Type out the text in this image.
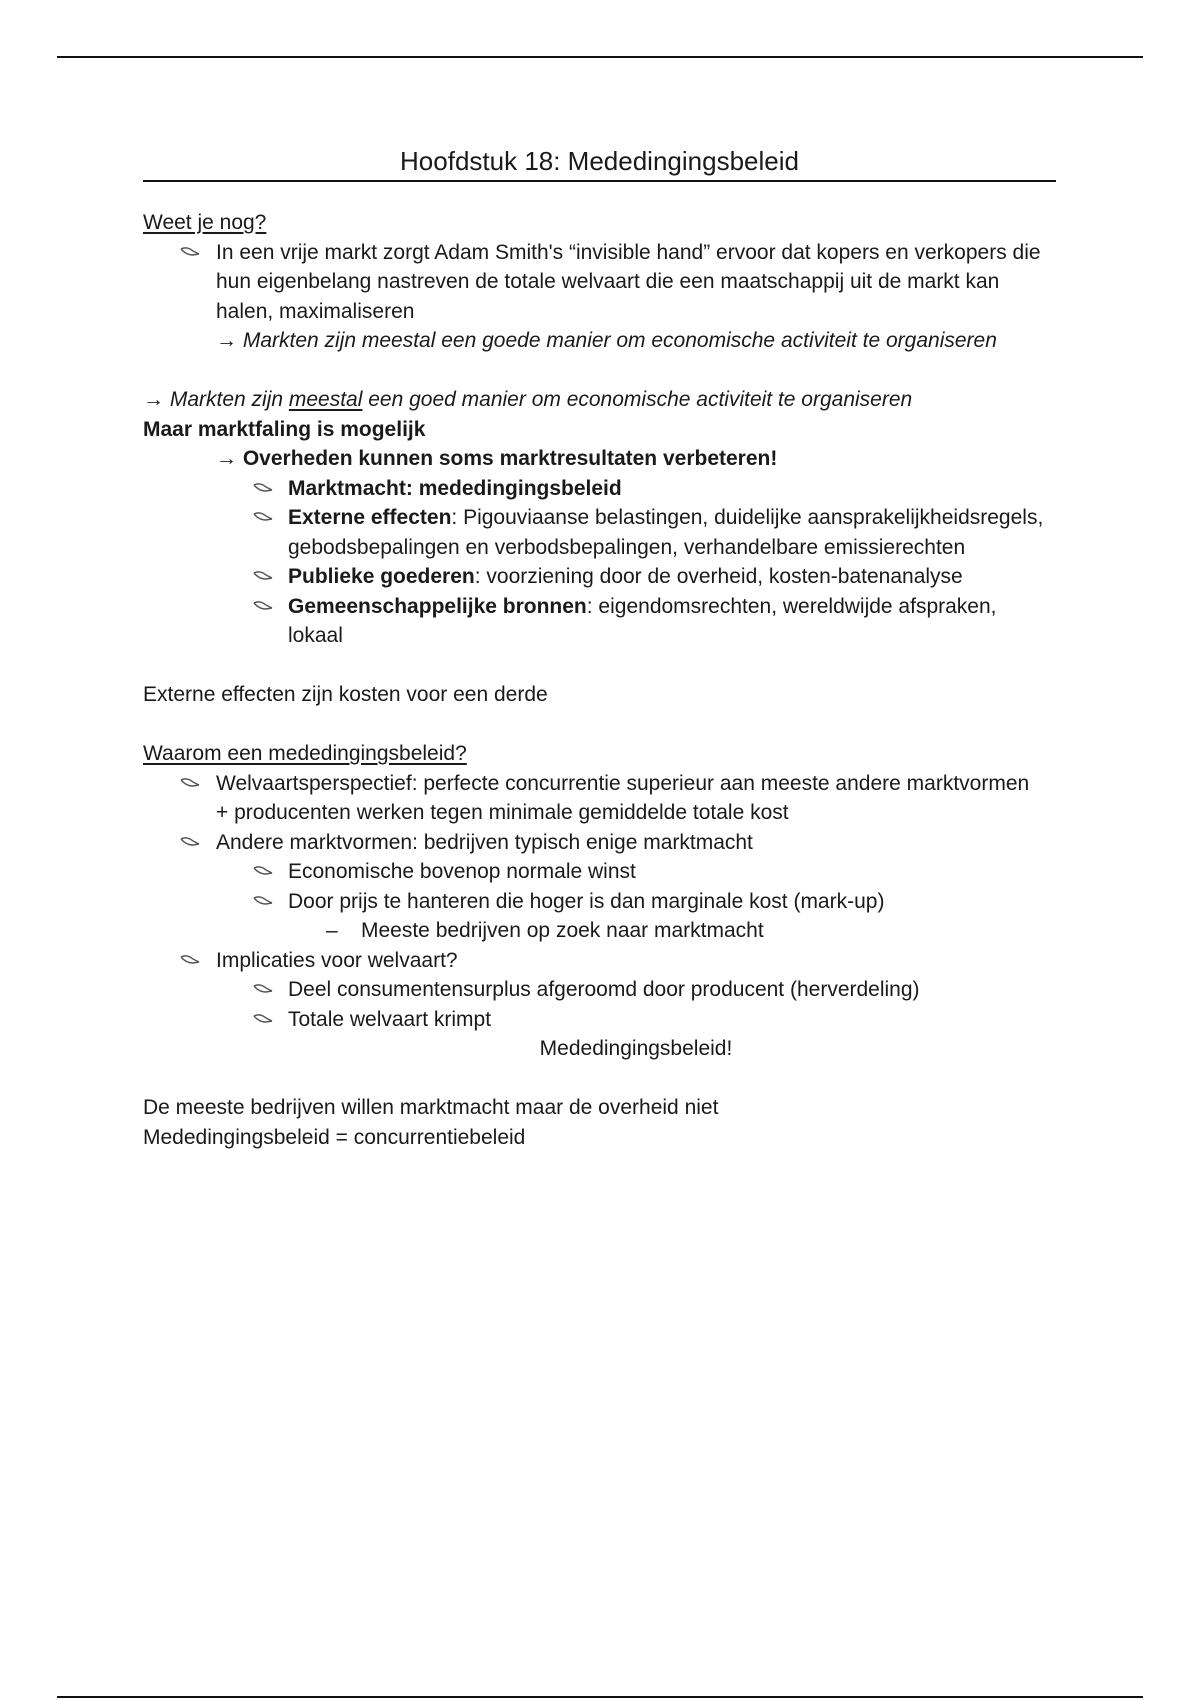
Hoofdstuk 18: Mededingingsbeleid
Weet je nog?
In een vrije markt zorgt Adam Smith's “invisible hand” ervoor dat kopers en verkopers die hun eigenbelang nastreven de totale welvaart die een maatschappij uit de markt kan halen, maximaliseren
→ Markten zijn meestal een goede manier om economische activiteit te organiseren
→ Markten zijn meestal een goed manier om economische activiteit te organiseren
Maar marktfaling is mogelijk
→ Overheden kunnen soms marktresultaten verbeteren!
Marktmacht: mededingingsbeleid
Externe effecten: Pigouviaanse belastingen, duidelijke aansprakelijkheidsregels, gebodsbepalingen en verbodsbepalingen, verhandelbare emissierechten
Publieke goederen: voorziening door de overheid, kosten-batenanalyse
Gemeenschappelijke bronnen: eigendomsrechten, wereldwijde afspraken, lokaal
Externe effecten zijn kosten voor een derde
Waarom een mededingingsbeleid?
Welvaartsperspectief: perfecte concurrentie superieur aan meeste andere marktvormen
+ producenten werken tegen minimale gemiddelde totale kost
Andere marktvormen: bedrijven typisch enige marktmacht
Economische bovenop normale winst
Door prijs te hanteren die hoger is dan marginale kost (mark-up)
– Meeste bedrijven op zoek naar marktmacht
Implicaties voor welvaart?
Deel consumentensurplus afgeroomd door producent (herverdeling)
Totale welvaart krimpt
Mededingingsbeleid!
De meeste bedrijven willen marktmacht maar de overheid niet
Mededingingsbeleid = concurrentiebeleid
